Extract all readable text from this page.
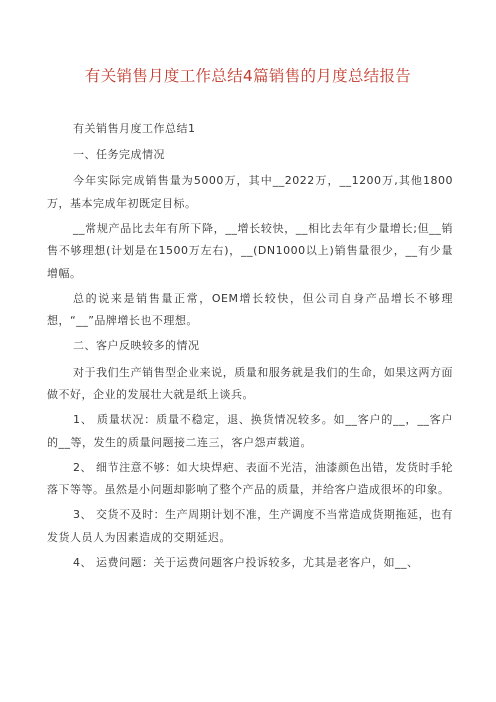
有关销售月度工作总结4篇销售的月度总结报告

有关销售月度工作总结1

一、任务完成情况

今年实际完成销售量为5000万，其中__2022万，__1200万,其他1800万，基本完成年初既定目标。

__常规产品比去年有所下降，__增长较快，__相比去年有少量增长;但__销售不够理想(计划是在1500万左右)，__(DN1000以上)销售量很少，__有少量增幅。

总的说来是销售量正常，OEM增长较快，但公司自身产品增长不够理想，“__”品牌增长也不理想。

二、客户反映较多的情况

对于我们生产销售型企业来说，质量和服务就是我们的生命，如果这两方面做不好，企业的发展壮大就是纸上谈兵。

1、 质量状况：质量不稳定，退、换货情况较多。如__客户的__，__客户的__等，发生的质量问题接二连三，客户怨声载道。

2、 细节注意不够：如大块焊疤、表面不光洁，油漆颜色出错，发货时手轮落下等等。虽然是小问题却影响了整个产品的质量，并给客户造成很坏的印象。

3、 交货不及时：生产周期计划不准，生产调度不当常造成货期拖延，也有发货人员人为因素造成的交期延迟。

4、 运费问题：关于运费问题客户投诉较多，尤其是老客户，如__、
